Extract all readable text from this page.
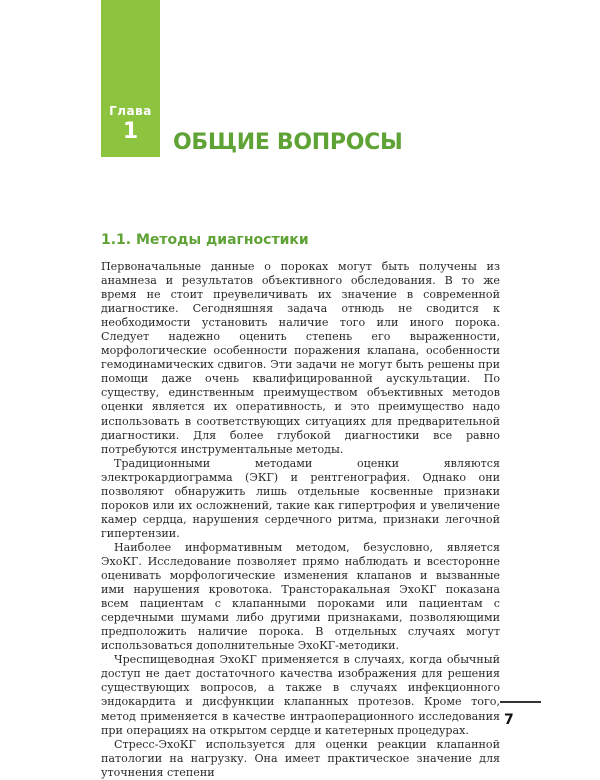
Глава
1	ОБЩИЕ ВОПРОСЫ
1.1. Методы диагностики

Первоначальные данные о пороках могут быть получены из анамнеза и результатов объективного обследования. В то же время не стоит преувеличивать их значение в современной диагностике. Сегодняшняя задача отнюдь не сводится к необходимости установить наличие того или иного порока. Следует надежно оценить степень его выраженности, морфологические особенности поражения клапана, особенности гемодинамических сдвигов. Эти задачи не могут быть решены при помощи даже очень квалифицированной аускультации. По существу, единственным преимуществом объективных методов оценки является их оперативность, и это преимущество надо использовать в соответствующих ситуациях для предварительной диагностики. Для более глубокой диагностики все равно потребуются инструментальные методы.

Традиционными методами оценки являются электрокардиограмма (ЭКГ) и рентгенография. Однако они позволяют обнаружить лишь отдельные косвенные признаки пороков или их осложнений, такие как гипертрофия и увеличение камер сердца, нарушения сердечного ритма, признаки легочной гипертензии.

Наиболее информативным методом, безусловно, является ЭхоКГ. Исследование позволяет прямо наблюдать и всесторонне оценивать морфологические изменения клапанов и вызванные ими нарушения кровотока. Трансторакальная ЭхоКГ показана всем пациентам с клапанными пороками или пациентам с сердечными шумами либо другими признаками, позволяющими предположить наличие порока. В отдельных случаях могут использоваться дополнительные ЭхоКГ-методики.

Чреспищеводная ЭхоКГ применяется в случаях, когда обычный доступ не дает достаточного качества изображения для решения существующих вопросов, а также в случаях инфекционного эндокардита и дисфункции клапанных протезов. Кроме того, метод применяется в качестве интраоперационного исследования при операциях на открытом сердце и катетерных процедурах.

Стресс-ЭхоКГ используется для оценки реакции клапанной патологии на нагрузку. Она имеет практическое значение для уточнения степени

7
